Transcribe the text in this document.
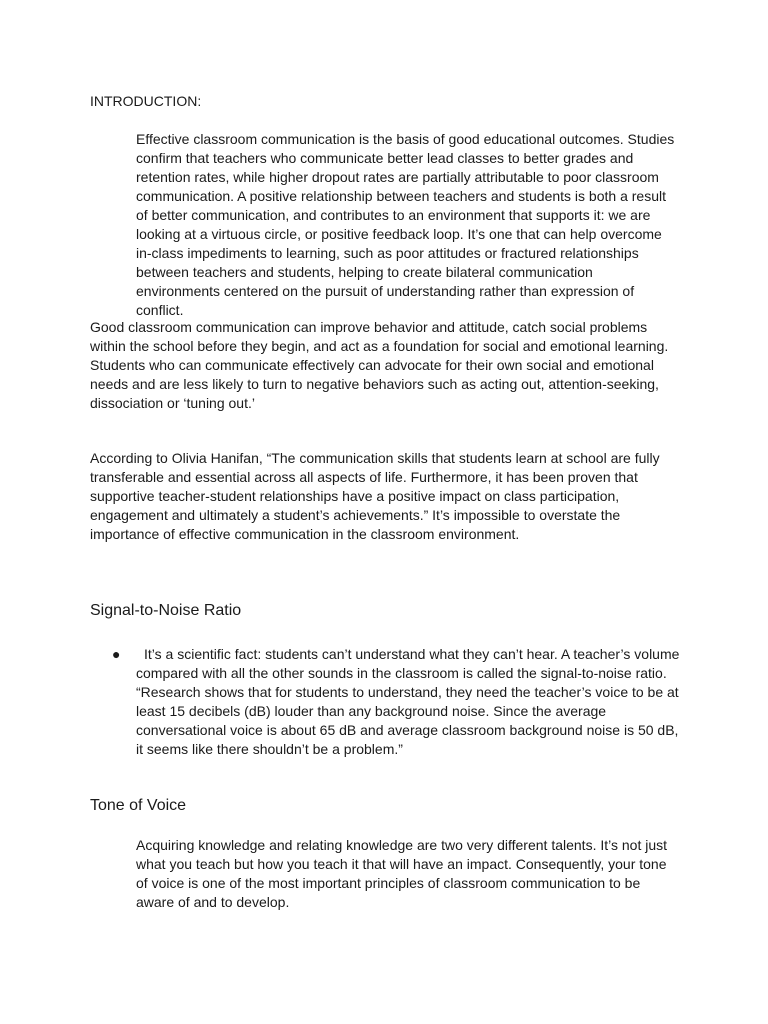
INTRODUCTION:

Effective classroom communication is the basis of good educational outcomes. Studies confirm that teachers who communicate better lead classes to better grades and retention rates, while higher dropout rates are partially attributable to poor classroom communication. A positive relationship between teachers and students is both a result of better communication, and contributes to an environment that supports it: we are looking at a virtuous circle, or positive feedback loop. It’s one that can help overcome in-class impediments to learning, such as poor attitudes or fractured relationships between teachers and students, helping to create bilateral communication environments centered on the pursuit of understanding rather than expression of conflict.

Good classroom communication can improve behavior and attitude, catch social problems within the school before they begin, and act as a foundation for social and emotional learning. Students who can communicate effectively can advocate for their own social and emotional needs and are less likely to turn to negative behaviors such as acting out, attention-seeking, dissociation or ‘tuning out.’

According to Olivia Hanifan, “The communication skills that students learn at school are fully transferable and essential across all aspects of life. Furthermore, it has been proven that supportive teacher-student relationships have a positive impact on class participation, engagement and ultimately a student’s achievements.” It’s impossible to overstate the importance of effective communication in the classroom environment.

Signal-to-Noise Ratio
●	It’s a scientific fact: students can’t understand what they can’t hear. A teacher’s volume compared with all the other sounds in the classroom is called the signal-to-noise ratio. “Research shows that for students to understand, they need the teacher’s voice to be at least 15 decibels (dB) louder than any background noise. Since the average conversational voice is about 65 dB and average classroom background noise is 50 dB, it seems like there shouldn’t be a problem.”

Tone of Voice

Acquiring knowledge and relating knowledge are two very different talents. It’s not just what you teach but how you teach it that will have an impact. Consequently, your tone of voice is one of the most important principles of classroom communication to be aware of and to develop.
